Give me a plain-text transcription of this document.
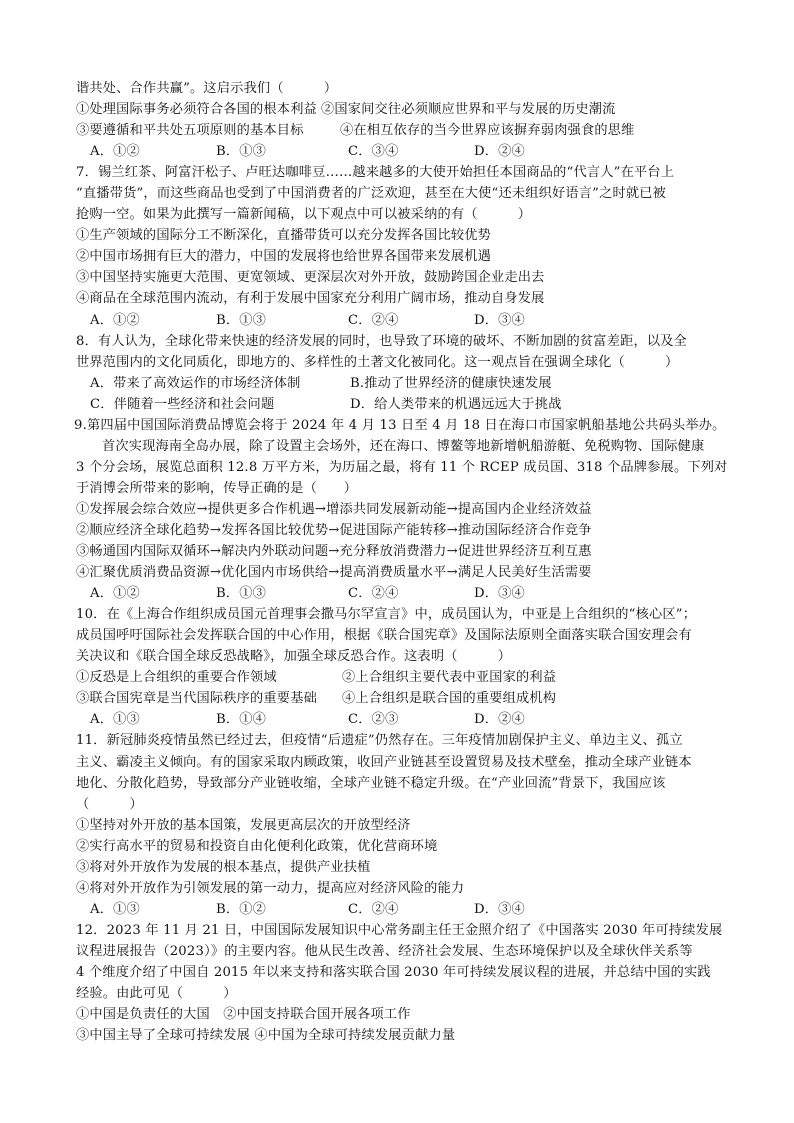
谐共处、合作共赢”。这启示我们（　　　）
①处理国际事务必须符合各国的根本利益 ②国家间交往必须顺应世界和平与发展的历史潮流
③要遵循和平共处五项原则的基本目标	④在相互依存的当今世界应该摒弃弱肉强食的思维
A．①②	B．①③	C．③④	D．②④
7．锡兰红茶、阿富汗松子、卢旺达咖啡豆……越来越多的大使开始担任本国商品的“代言人”在平台上
“直播带货”，而这些商品也受到了中国消费者的广泛欢迎，甚至在大使“还未组织好语言”之时就已被
抢购一空。如果为此撰写一篇新闻稿，以下观点中可以被采纳的有（　　　）
①生产领域的国际分工不断深化，直播带货可以充分发挥各国比较优势
②中国市场拥有巨大的潜力，中国的发展将也给世界各国带来发展机遇
③中国坚持实施更大范围、更宽领域、更深层次对外开放，鼓励跨国企业走出去
④商品在全球范围内流动，有利于发展中国家充分利用广阔市场，推动自身发展
A．①②	B．①③	C．②④	D．③④
8．有人认为，全球化带来快速的经济发展的同时，也导致了环境的破坏、不断加剧的贫富差距，以及全
世界范围内的文化同质化，即地方的、多样性的土著文化被同化。这一观点旨在强调全球化（　　　）
A．带来了高效运作的市场经济体制	B.推动了世界经济的健康快速发展
C．伴随着一些经济和社会问题	D．给人类带来的机遇远远大于挑战
9.第四届中国国际消费品博览会将于 2024 年 4 月 13 日至 4 月 18 日在海口市国家帆船基地公共码头举办。
首次实现海南全岛办展，除了设置主会场外，还在海口、博鳌等地新增帆船游艇、免税购物、国际健康
3 个分会场，展览总面积 12.8 万平方米，为历届之最，将有 11 个 RCEP 成员国、318 个品牌参展。下列对
于消博会所带来的影响，传导正确的是（　　）
①发挥展会综合效应→提供更多合作机遇→增添共同发展新动能→提高国内企业经济效益
②顺应经济全球化趋势→发挥各国比较优势→促进国际产能转移→推动国际经济合作竞争
③畅通国内国际双循环→解决内外联动问题→充分释放消费潜力→促进世界经济互利互惠
④汇聚优质消费品资源→优化国内市场供给→提高消费质量水平→满足人民美好生活需要
A．①②	B．①③	C．②④	D．③④
10．在《上海合作组织成员国元首理事会撒马尔罕宣言》中，成员国认为，中亚是上合组织的“核心区”；
成员国呼吁国际社会发挥联合国的中心作用，根据《联合国宪章》及国际法原则全面落实联合国安理会有
关决议和《联合国全球反恐战略》，加强全球反恐合作。这表明（　　　）
①反恐是上合组织的重要合作领域	②上合组织主要代表中亚国家的利益
③联合国宪章是当代国际秩序的重要基础	④上合组织是联合国的重要组成机构
A．①③	B．①④	C．②③	D．②④
11．新冠肺炎疫情虽然已经过去，但疫情“后遗症”仍然存在。三年疫情加剧保护主义、单边主义、孤立
主义、霸凌主义倾向。有的国家采取内顾政策，收回产业链甚至设置贸易及技术壁垒，推动全球产业链本
地化、分散化趋势，导致部分产业链收缩，全球产业链不稳定升级。在“产业回流”背景下，我国应该
（　　　）
①坚持对外开放的基本国策，发展更高层次的开放型经济
②实行高水平的贸易和投资自由化便利化政策，优化营商环境
③将对外开放作为发展的根本基点，提供产业扶植
④将对外开放作为引领发展的第一动力，提高应对经济风险的能力
A．①③	B．①②	C．②④	D．③④
12．2023 年 11 月 21 日，中国国际发展知识中心常务副主任王金照介绍了《中国落实 2030 年可持续发展
议程进展报告（2023）》的主要内容。他从民生改善、经济社会发展、生态环境保护以及全球伙伴关系等
4 个维度介绍了中国自 2015 年以来支持和落实联合国 2030 年可持续发展议程的进展，并总结中国的实践
经验。由此可见（　　　）
①中国是负责任的大国　②中国支持联合国开展各项工作
③中国主导了全球可持续发展 ④中国为全球可持续发展贡献力量
